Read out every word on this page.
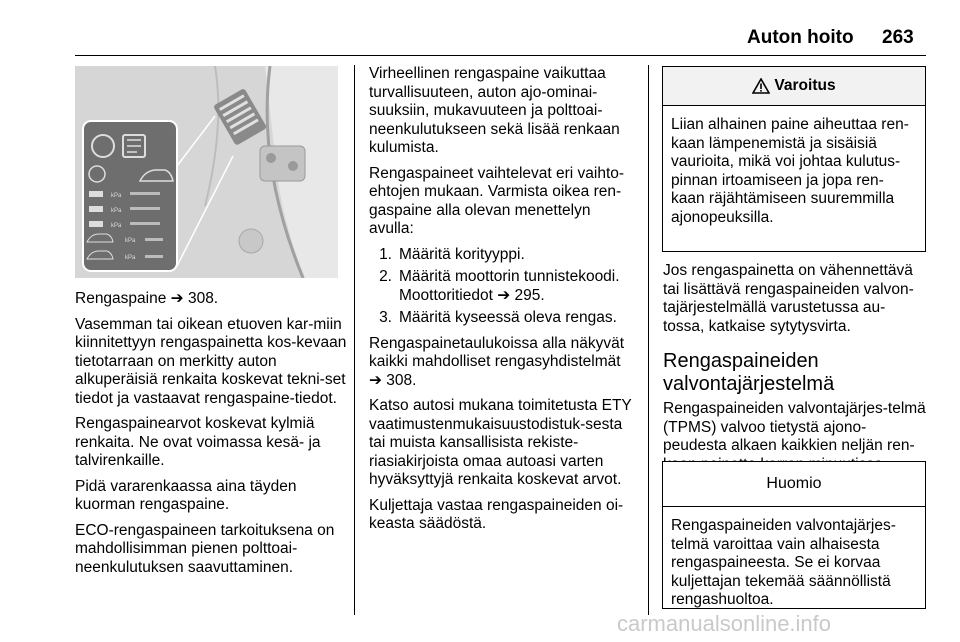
Auton hoito 263
kPa
kPa
kPa
kPa
kPa

Rengaspaine ➔ 308.

Vasemman tai oikean etuoven kar-miin kiinnitettyyn rengaspainetta kos-kevaan tietotarraan on merkitty auton alkuperäisiä renkaita koskevat tekni-set tiedot ja vastaavat rengaspaine-tiedot.

Rengaspainearvot koskevat kylmiä renkaita. Ne ovat voimassa kesä- ja talvirenkaille.

Pidä vararenkaassa aina täyden kuorman rengaspaine.

ECO-rengaspaineen tarkoituksena on mahdollisimman pienen polttoai-neenkulutuksen saavuttaminen.

Virheellinen rengaspaine vaikuttaa turvallisuuteen, auton ajo-ominai-suuksiin, mukavuuteen ja polttoai-neenkulutukseen sekä lisää renkaan kulumista.

Rengaspaineet vaihtelevat eri vaihto-ehtojen mukaan. Varmista oikea ren-gaspaine alla olevan menettelyn avulla:

1. Määritä korityyppi.
2. Määritä moottorin tunnistekoodi. Moottoritiedot ➔ 295.
3. Määritä kyseessä oleva rengas.

Rengaspainetaulukoissa alla näkyvät kaikki mahdolliset rengasyhdistelmät ➔ 308.

Katso autosi mukana toimitetusta ETY vaatimustenmukaisuustodistuk-sesta tai muista kansallisista rekiste-riasiakirjoista omaa autoasi varten hyväksyttyjä renkaita koskevat arvot.

Kuljettaja vastaa rengaspaineiden oi-keasta säädöstä.

Varoitus
Liian alhainen paine aiheuttaa ren-kaan lämpenemistä ja sisäisiä vaurioita, mikä voi johtaa kulutus-pinnan irtoamiseen ja jopa ren-kaan räjähtämiseen suuremmilla ajonopeuksilla.

Jos rengaspainetta on vähennettävä tai lisättävä rengaspaineiden valvon-tajärjestelmällä varustetussa au-tossa, katkaise sytytysvirta.

Rengaspaineiden valvontajärjestelmä

Rengaspaineiden valvontajärjes-telmä (TPMS) valvoo tietystä ajono-peudesta alkaen kaikkien neljän ren-

Huomio
Rengaspaineiden valvontajärjes-telmä varoittaa vain alhaisesta rengaspaineesta. Se ei korvaa kuljettajan tekemää säännöllistä rengashuoltoa.
carmanualsonline.info
